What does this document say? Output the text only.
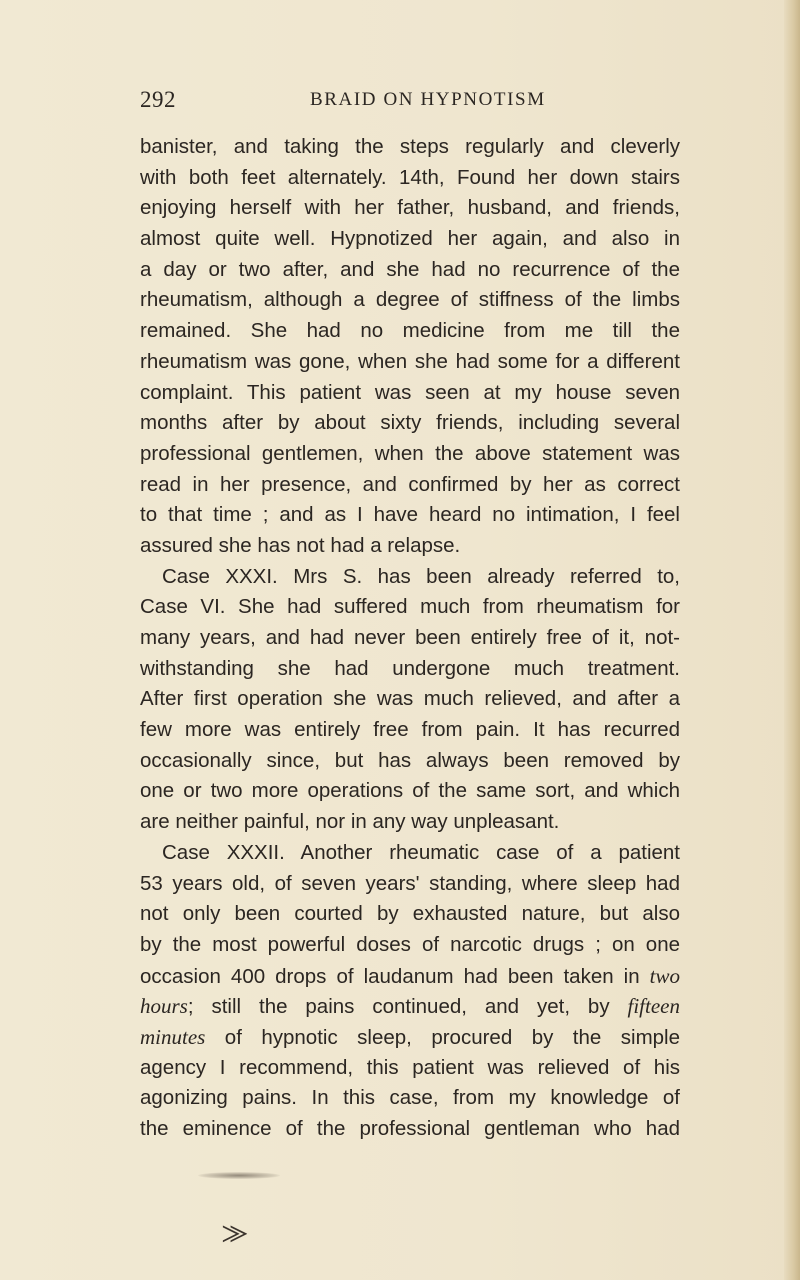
292	BRAID ON HYPNOTISM
banister, and taking the steps regularly and cleverly
with both feet alternately. 14th, Found her down stairs
enjoying herself with her father, husband, and friends,
almost quite well. Hypnotized her again, and also in
a day or two after, and she had no recurrence of the
rheumatism, although a degree of stiffness of the limbs
remained. She had no medicine from me till the
rheumatism was gone, when she had some for a different
complaint. This patient was seen at my house seven
months after by about sixty friends, including several
professional gentlemen, when the above statement was
read in her presence, and confirmed by her as correct
to that time ; and as I have heard no intimation, I feel
assured she has not had a relapse.
Case XXXI. Mrs S. has been already referred to,
Case VI. She had suffered much from rheumatism for
many years, and had never been entirely free of it, not-
withstanding she had undergone much treatment.
After first operation she was much relieved, and after a
few more was entirely free from pain. It has recurred
occasionally since, but has always been removed by
one or two more operations of the same sort, and which
are neither painful, nor in any way unpleasant.
Case XXXII. Another rheumatic case of a patient
53 years old, of seven years' standing, where sleep had
not only been courted by exhausted nature, but also
by the most powerful doses of narcotic drugs ; on one
occasion 400 drops of laudanum had been taken in two
hours; still the pains continued, and yet, by fifteen
minutes of hypnotic sleep, procured by the simple
agency I recommend, this patient was relieved of his
agonizing pains. In this case, from my knowledge of
the eminence of the professional gentleman who had
⨠
